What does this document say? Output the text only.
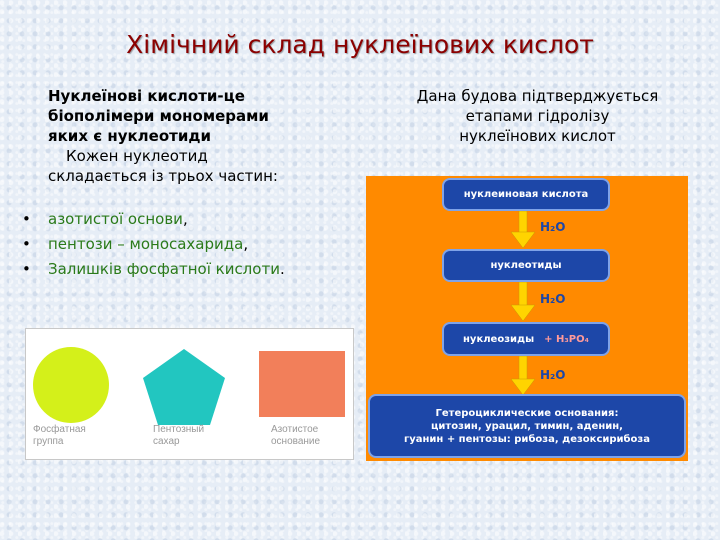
Хімічний склад нуклеїнових кислот
Нуклеїнові кислоти-це
біополімери мономерами
яких є нуклеотиди
Кожен нуклеотид
складається із трьох частин:
•	азотистої основи,
•	пентози – моносахарида,
•	Залишків фосфатної кислоти.
Дана будова підтверджується
етапами гідролізу
нуклеїнових кислот
Фосфатная
группа
Пентозный
сахар
Азотистое
основание
нуклеиновая кислота
H₂O
нуклеотиды
H₂O
нуклеозиды + H₃PO₄
H₂O
Гетероциклические основания:
цитозин, урацил, тимин, аденин,
гуанин + пентозы: рибоза, дезоксирибоза
